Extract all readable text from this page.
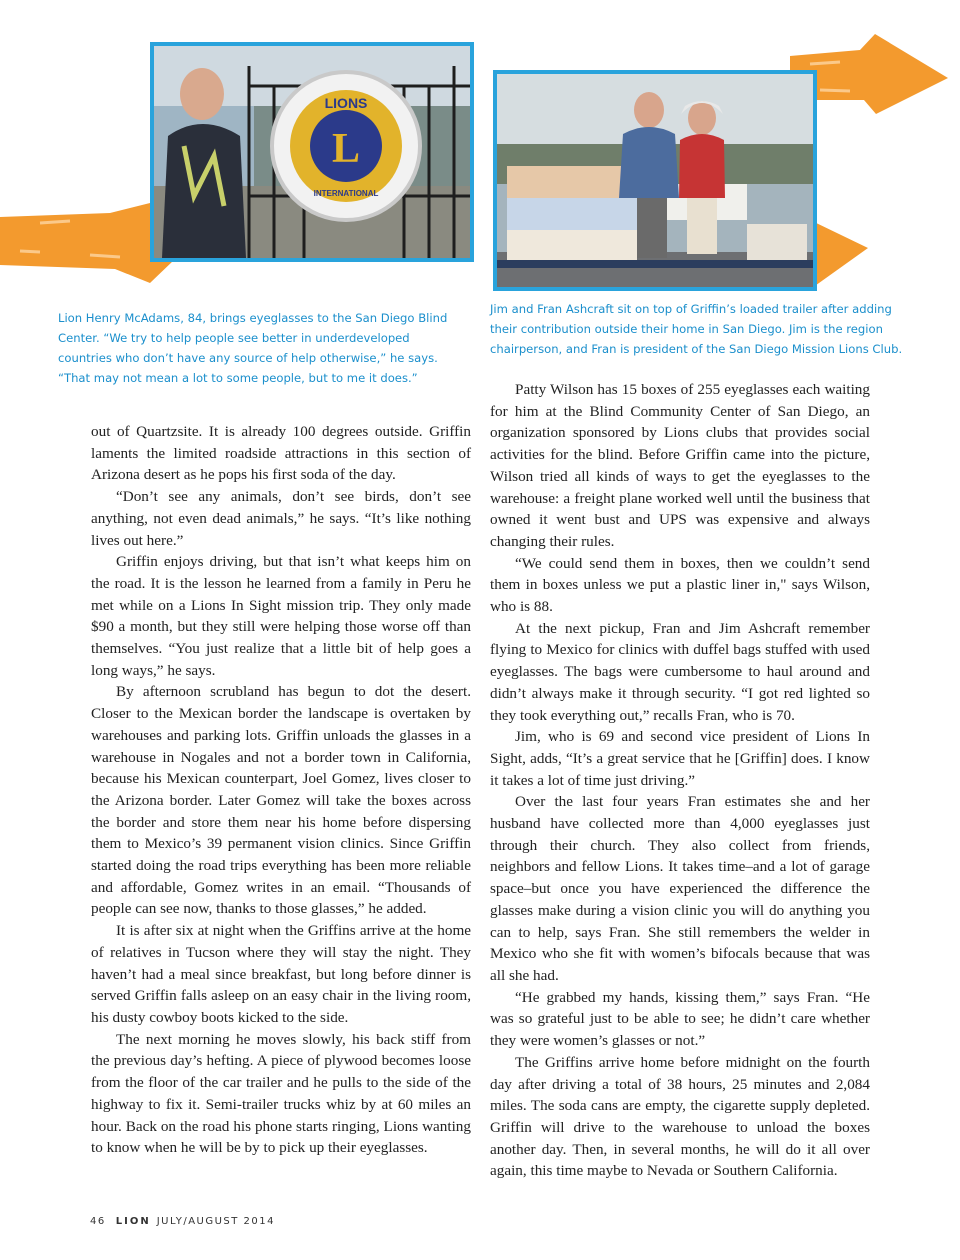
LIONS
L
INTERNATIONAL
Lion Henry McAdams, 84, brings eyeglasses to the San Diego Blind Center. “We try to help people see better in underdeveloped countries who don’t have any source of help otherwise,” he says. “That may not mean a lot to some people, but to me it does.”
Jim and Fran Ashcraft sit on top of Griffin’s loaded trailer after adding their contribution outside their home in San Diego. Jim is the region chairperson, and Fran is president of the San Diego Mission Lions Club.

out of Quartzsite. It is already 100 degrees outside. Griffin laments the limited roadside attractions in this section of Arizona desert as he pops his first soda of the day.

“Don’t see any animals, don’t see birds, don’t see anything, not even dead animals,” he says. “It’s like nothing lives out here.”

Griffin enjoys driving, but that isn’t what keeps him on the road. It is the lesson he learned from a family in Peru he met while on a Lions In Sight mission trip. They only made $90 a month, but they still were helping those worse off than themselves. “You just realize that a little bit of help goes a long ways,” he says.

By afternoon scrubland has begun to dot the desert. Closer to the Mexican border the landscape is overtaken by warehouses and parking lots. Griffin unloads the glasses in a warehouse in Nogales and not a border town in California, because his Mexican counterpart, Joel Gomez, lives closer to the Arizona border. Later Gomez will take the boxes across the border and store them near his home before dispersing them to Mexico’s 39 permanent vision clinics. Since Griffin started doing the road trips everything has been more reliable and affordable, Gomez writes in an email. “Thousands of people can see now, thanks to those glasses,” he added.

It is after six at night when the Griffins arrive at the home of relatives in Tucson where they will stay the night. They haven’t had a meal since breakfast, but long before dinner is served Griffin falls asleep on an easy chair in the living room, his dusty cowboy boots kicked to the side.

The next morning he moves slowly, his back stiff from the previous day’s hefting. A piece of plywood becomes loose from the floor of the car trailer and he pulls to the side of the highway to fix it. Semi-trailer trucks whiz by at 60 miles an hour. Back on the road his phone starts ringing, Lions wanting to know when he will be by to pick up their eyeglasses.

Patty Wilson has 15 boxes of 255 eyeglasses each waiting for him at the Blind Community Center of San Diego, an organization sponsored by Lions clubs that provides social activities for the blind. Before Griffin came into the picture, Wilson tried all kinds of ways to get the eyeglasses to the warehouse: a freight plane worked well until the business that owned it went bust and UPS was expensive and always changing their rules.

“We could send them in boxes, then we couldn’t send them in boxes unless we put a plastic liner in," says Wilson, who is 88.

At the next pickup, Fran and Jim Ashcraft remember flying to Mexico for clinics with duffel bags stuffed with used eyeglasses. The bags were cumbersome to haul around and didn’t always make it through security. “I got red lighted so they took everything out,” recalls Fran, who is 70.

Jim, who is 69 and second vice president of Lions In Sight, adds, “It’s a great service that he [Griffin] does. I know it takes a lot of time just driving.”

Over the last four years Fran estimates she and her husband have collected more than 4,000 eyeglasses just through their church. They also collect from friends, neighbors and fellow Lions. It takes time–and a lot of garage space–but once you have experienced the difference the glasses make during a vision clinic you will do anything you can to help, says Fran. She still remembers the welder in Mexico who she fit with women’s bifocals because that was all she had.

“He grabbed my hands, kissing them,” says Fran. “He was so grateful just to be able to see; he didn’t care whether they were women’s glasses or not.”

The Griffins arrive home before midnight on the fourth day after driving a total of 38 hours, 25 minutes and 2,084 miles. The soda cans are empty, the cigarette supply depleted. Griffin will drive to the warehouse to unload the boxes another day. Then, in several months, he will do it all over again, this time maybe to Nevada or Southern California.

46 LION JULY/AUGUST 2014
